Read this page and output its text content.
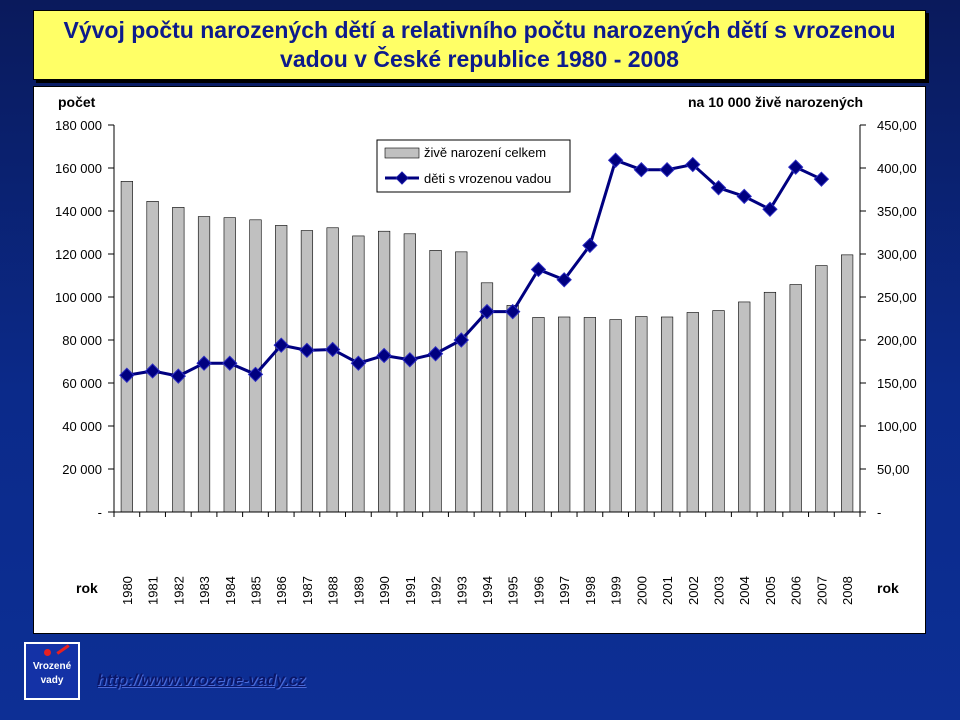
Vývoj počtu narozených dětí a relativního počtu narozených dětí s vrozenou
vadou v České republice 1980 - 2008
počet	na 10 000 živě narozených
-
20 000
40 000
60 000
80 000
100 000
120 000
140 000
160 000
180 000
-
50,00
100,00
150,00
200,00
250,00
300,00
350,00
400,00
450,00
1980 1981 1982 1983 1984 1985 1986 1987 1988 1989 1990 1991 1992 1993 1994 1995 1996 1997 1998 1999 2000 2001 2002 2003 2004 2005 2006 2007 2008
rok	rok
živě narození celkem
děti s vrozenou vadou
Vrozené
vady	http://www.vrozene-vady.cz
